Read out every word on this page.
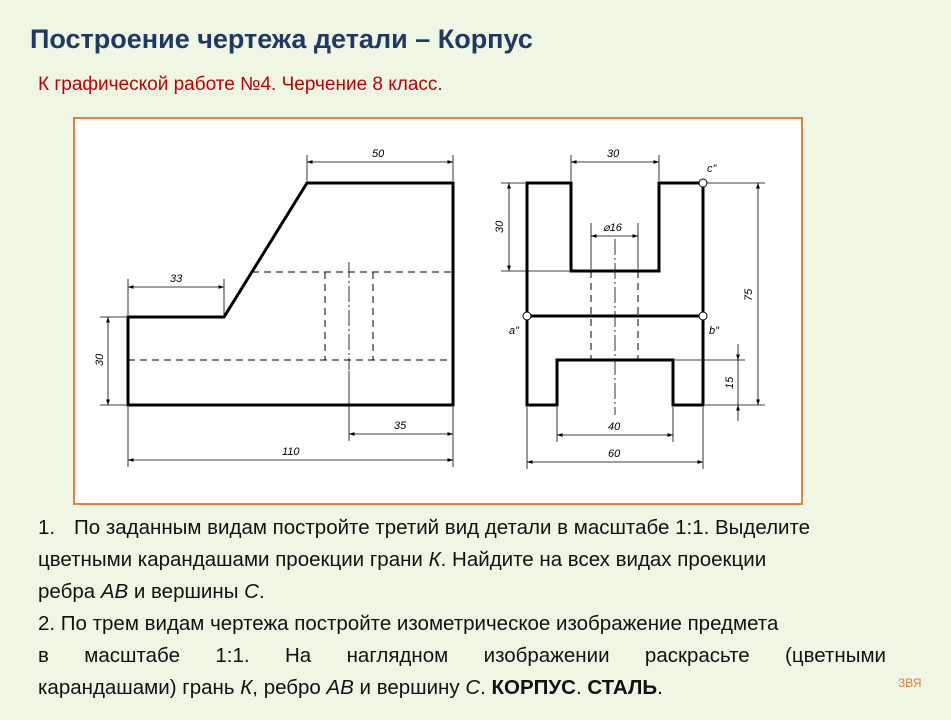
Построение чертежа детали – Корпус
К графической работе №4. Черчение 8 класс.
50
33
30
35
110
30
30	⌀16
75
15
40
60
c"
a"	b"

1. По заданным видам постройте третий вид детали в масштабе 1:1. Выделите

цветными карандашами проекции грани К. Найдите на всех видах проекции

ребра АВ и вершины С.

2. По трем видам чертежа постройте изометрическое изображение предмета

в масштабе 1:1. На наглядном изображении раскрасьте (цветными

карандашами) грань К, ребро АВ и вершину С. КОРПУС. СТАЛЬ.	ЗВЯ
